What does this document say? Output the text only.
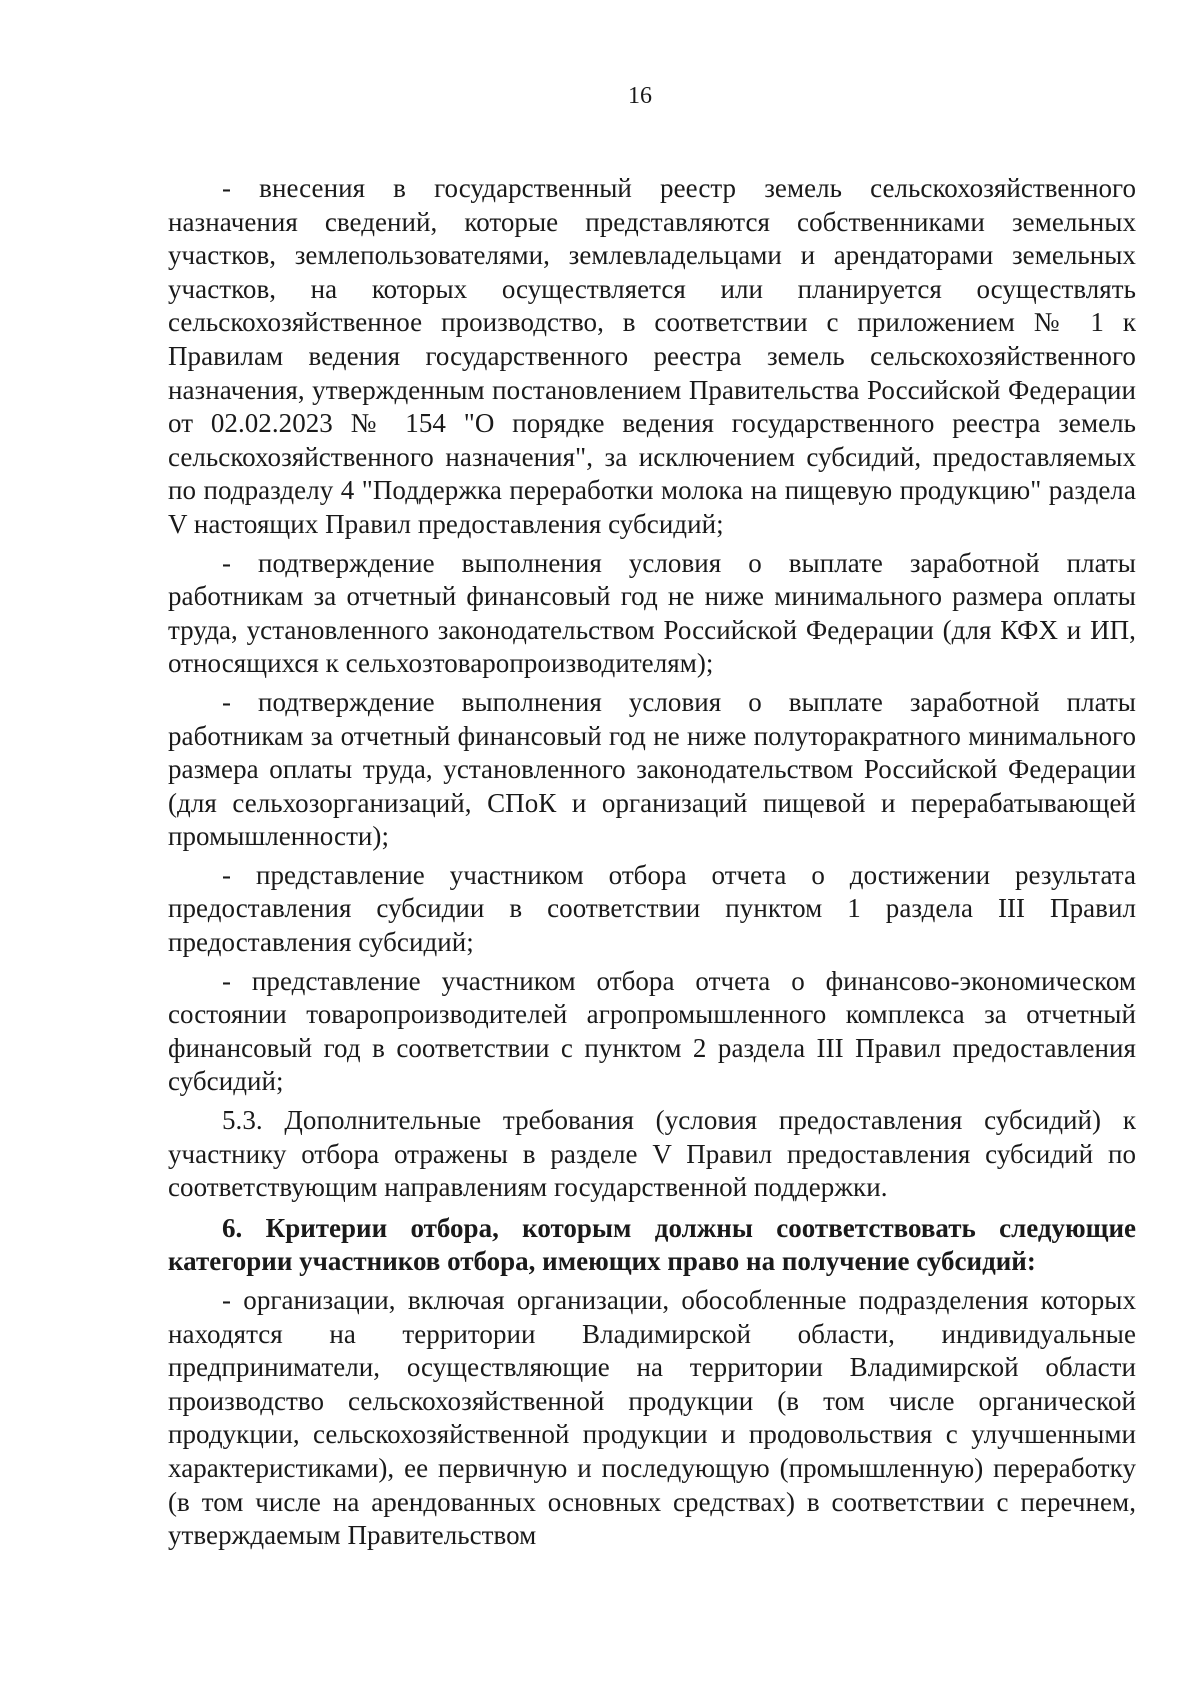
16

- внесения в государственный реестр земель сельскохозяйственного назначения сведений, которые представляются собственниками земельных участков, землепользователями, землевладельцами и арендаторами земельных участков, на которых осуществляется или планируется осуществлять сельскохозяйственное производство, в соответствии с приложением № 1 к Правилам ведения государственного реестра земель сельскохозяйственного назначения, утвержденным постановлением Правительства Российской Федерации от 02.02.2023 № 154 "О порядке ведения государственного реестра земель сельскохозяйственного назначения", за исключением субсидий, предоставляемых по подразделу 4 "Поддержка переработки молока на пищевую продукцию" раздела V настоящих Правил предоставления субсидий;

- подтверждение выполнения условия о выплате заработной платы работникам за отчетный финансовый год не ниже минимального размера оплаты труда, установленного законодательством Российской Федерации (для КФХ и ИП, относящихся к сельхозтоваропроизводителям);

- подтверждение выполнения условия о выплате заработной платы работникам за отчетный финансовый год не ниже полуторакратного минимального размера оплаты труда, установленного законодательством Российской Федерации (для сельхозорганизаций, СПоК и организаций пищевой и перерабатывающей промышленности);

- представление участником отбора отчета о достижении результата предоставления субсидии в соответствии пунктом 1 раздела III Правил предоставления субсидий;

- представление участником отбора отчета о финансово-экономическом состоянии товаропроизводителей агропромышленного комплекса за отчетный финансовый год в соответствии с пунктом 2 раздела III Правил предоставления субсидий;

5.3. Дополнительные требования (условия предоставления субсидий) к участнику отбора отражены в разделе V Правил предоставления субсидий по соответствующим направлениям государственной поддержки.

6. Критерии отбора, которым должны соответствовать следующие категории участников отбора, имеющих право на получение субсидий:

- организации, включая организации, обособленные подразделения которых находятся на территории Владимирской области, индивидуальные предприниматели, осуществляющие на территории Владимирской области производство сельскохозяйственной продукции (в том числе органической продукции, сельскохозяйственной продукции и продовольствия с улучшенными характеристиками), ее первичную и последующую (промышленную) переработку (в том числе на арендованных основных средствах) в соответствии с перечнем, утверждаемым Правительством
